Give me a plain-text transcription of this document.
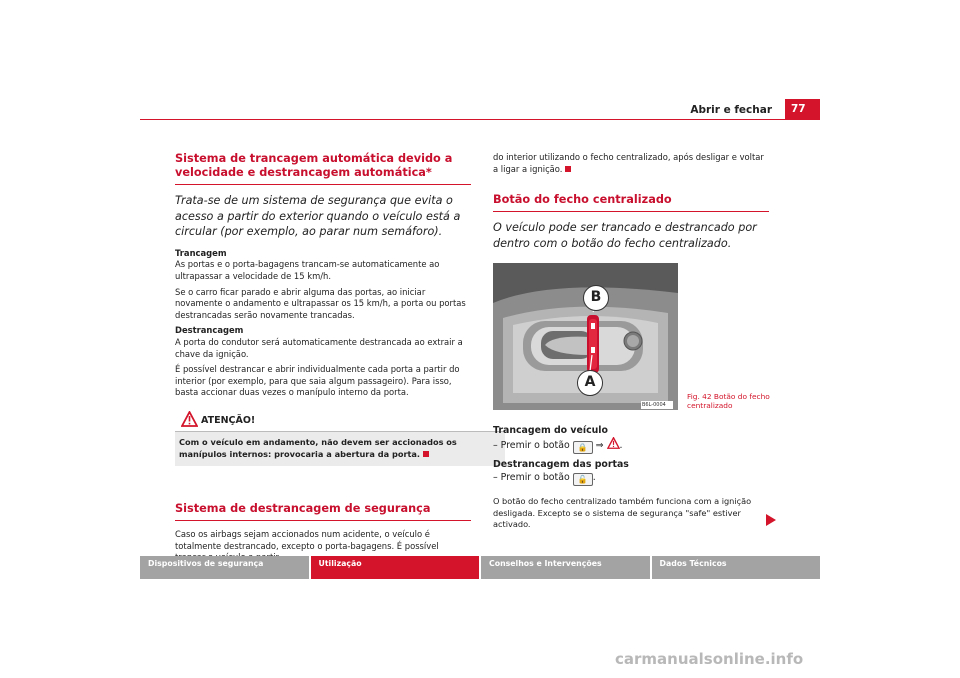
Abrir e fechar	77
Sistema de trancagem automática devido a velocidade e destrancagem automática*
Trata-se de um sistema de segurança que evita o acesso a partir do exterior quando o veículo está a circular (por exemplo, ao parar num semáforo).
Trancagem

As portas e o porta-bagagens trancam-se automaticamente ao ultrapassar a velocidade de 15 km/h.

Se o carro ficar parado e abrir alguma das portas, ao iniciar novamente o andamento e ultrapassar os 15 km/h, a porta ou portas destrancadas serão novamente trancadas.

Destrancagem

A porta do condutor será automaticamente destrancada ao extrair a chave da ignição.

É possível destrancar e abrir individualmente cada porta a partir do interior (por exemplo, para que saia algum passageiro). Para isso, basta accionar duas vezes o manípulo interno da porta.

ATENÇÃO!
Com o veículo em andamento, não devem ser accionados os manípulos internos: provocaria a abertura da porta.
Sistema de destrancagem de segurança

Caso os airbags sejam accionados num acidente, o veículo é totalmente destrancado, excepto o porta-bagagens. É possível

do interior utilizando o fecho centralizado, após desligar e voltar a ligar a ignição.

Botão do fecho centralizado
O veículo pode ser trancado e destrancado por dentro com o botão do fecho centralizado.
B
A
B6L-0004
Fig. 42 Botão do fecho centralizado
Trancagem do veículo
– Premir o botão 🔒 ⇒ .
Destrancagem das portas
– Premir o botão 🔓 .

O botão do fecho centralizado também funciona com a ignição desligada. Excepto se o sistema de segurança "safe" estiver activado.

Dispositivos de segurança	Utilização	Conselhos e Intervenções	Dados Técnicos
carmanualsonline.info
